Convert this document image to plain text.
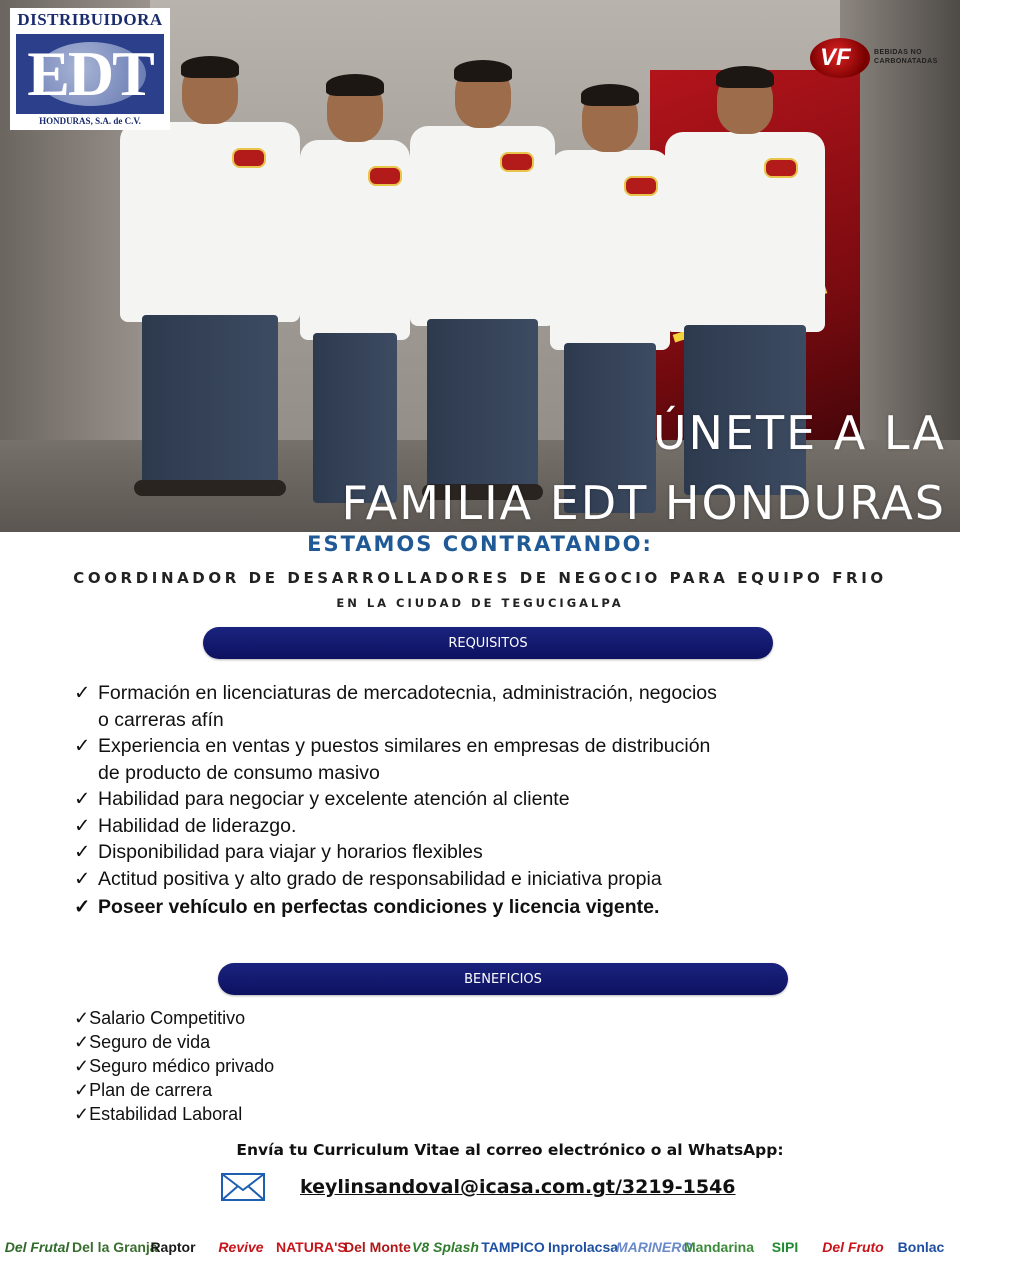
DISTRIBUIDORA
EDT
HONDURAS, S.A. de C.V.
VF	BEBIDAS NO CARBONATADAS
ÚNETE A LA
FAMILIA EDT HONDURAS
ESTAMOS CONTRATANDO:
COORDINADOR DE DESARROLLADORES DE NEGOCIO PARA EQUIPO FRIO
EN LA CIUDAD DE TEGUCIGALPA
REQUISITOS
✓ Formación en licenciaturas de mercadotecnia, administración, negocios
o carreras afín
✓ Experiencia en ventas y puestos similares en empresas de distribución
de producto de consumo masivo
✓ Habilidad para negociar y excelente atención al cliente
✓ Habilidad de liderazgo.
✓ Disponibilidad para viajar y horarios flexibles
✓ Actitud positiva y alto grado de responsabilidad e iniciativa propia
✓ Poseer vehículo en perfectas condiciones y licencia vigente.
BENEFICIOS
✓Salario Competitivo
✓Seguro de vida
✓Seguro médico privado
✓Plan de carrera
✓Estabilidad Laboral
Envía tu Curriculum Vitae al correo electrónico o al WhatsApp:
keylinsandoval@icasa.com.gt/3219-1546
Del Frutal Del la Granja
Raptor	Revive NATURA'S
Del Monte V8 Splash TAMPICO Inprolacsa
MARINERO
Mandarina	SIPI	Del Fruto Bonlac
